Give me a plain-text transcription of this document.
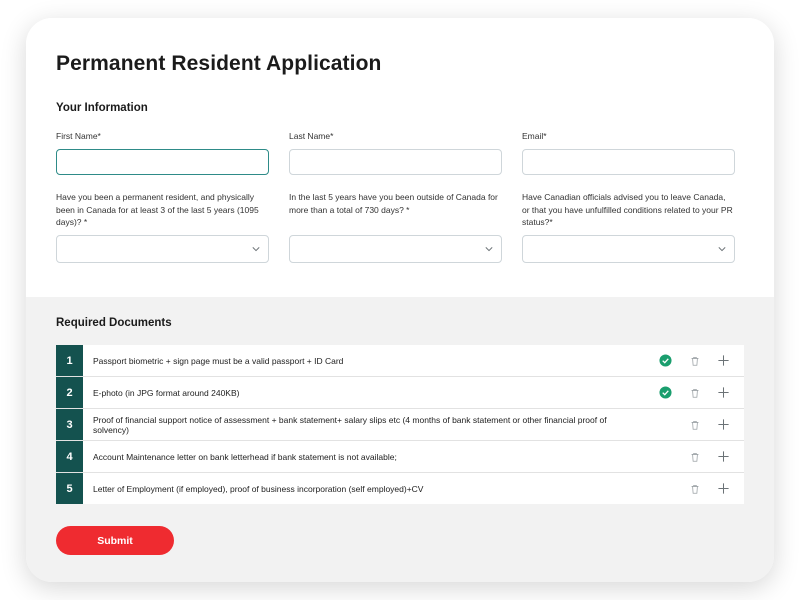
Permanent Resident Application
Your Information
First Name*	Last Name*	Email*
Have you been a permanent resident, and physically been in Canada for at least 3 of the last 5 years (1095 days)? *
In the last 5 years have you been outside of Canada for more than a total of 730 days? *
Have Canadian officials advised you to leave Canada, or that you have unfulfilled conditions related to your PR status?*
Required Documents
1	Passport biometric + sign page must be a valid passport + ID Card
2	E-photo (in JPG format around 240KB)
3	Proof of financial support notice of assessment + bank statement+ salary slips etc (4 months of bank statement or other financial proof of solvency)
4	Account Maintenance letter on bank letterhead if bank statement is not available;
5	Letter of Employment (if employed), proof of business incorporation (self employed)+CV
Submit
